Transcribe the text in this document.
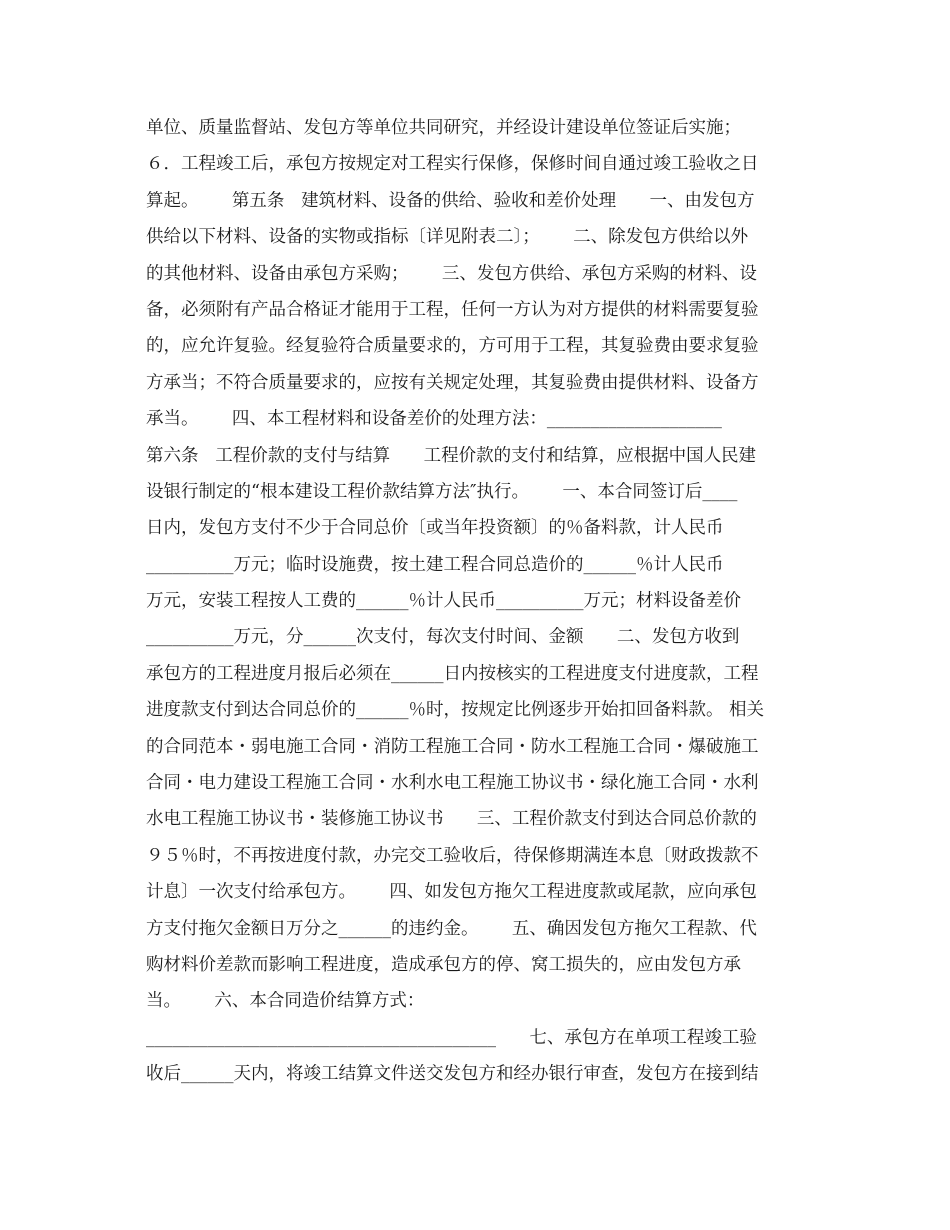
单位、质量监督站、发包方等单位共同研究，并经设计建设单位签证后实施；
６．工程竣工后，承包方按规定对工程实行保修，保修时间自通过竣工验收之日
算起。      第五条   建筑材料、设备的供给、验收和差价处理      一、由发包方
供给以下材料、设备的实物或指标〔详见附表二〕；      二、除发包方供给以外
的其他材料、设备由承包方采购；      三、发包方供给、承包方采购的材料、设
备，必须附有产品合格证才能用于工程，任何一方认为对方提供的材料需要复验
的，应允许复验。经复验符合质量要求的，方可用于工程，其复验费由要求复验
方承当；不符合质量要求的，应按有关规定处理，其复验费由提供材料、设备方
承当。      四、本工程材料和设备差价的处理方法：____________________
第六条   工程价款的支付与结算      工程价款的支付和结算，应根据中国人民建
设银行制定的“根本建设工程价款结算方法″执行。      一、本合同签订后____
日内，发包方支付不少于合同总价〔或当年投资额〕的％备料款，计人民币
__________万元；临时设施费，按土建工程合同总造价的______％计人民币
万元，安装工程按人工费的______％计人民币__________万元；材料设备差价
__________万元，分______次支付，每次支付时间、金额      二、发包方收到
承包方的工程进度月报后必须在______日内按核实的工程进度支付进度款，工程
进度款支付到达合同总价的______％时，按规定比例逐步开始扣回备料款。 相关
的合同范本・弱电施工合同・消防工程施工合同・防水工程施工合同・爆破施工
合同・电力建设工程施工合同・水利水电工程施工协议书・绿化施工合同・水利
水电工程施工协议书・装修施工协议书      三、工程价款支付到达合同总价款的
９５％时，不再按进度付款，办完交工验收后，待保修期满连本息〔财政拨款不
计息〕一次支付给承包方。      四、如发包方拖欠工程进度款或尾款，应向承包
方支付拖欠金额日万分之______的违约金。      五、确因发包方拖欠工程款、代
购材料价差款而影响工程进度，造成承包方的停、窝工损失的，应由发包方承
当。      六、本合同造价结算方式：
________________________________________      七、承包方在单项工程竣工验
收后______天内，将竣工结算文件送交发包方和经办银行审查，发包方在接到结
